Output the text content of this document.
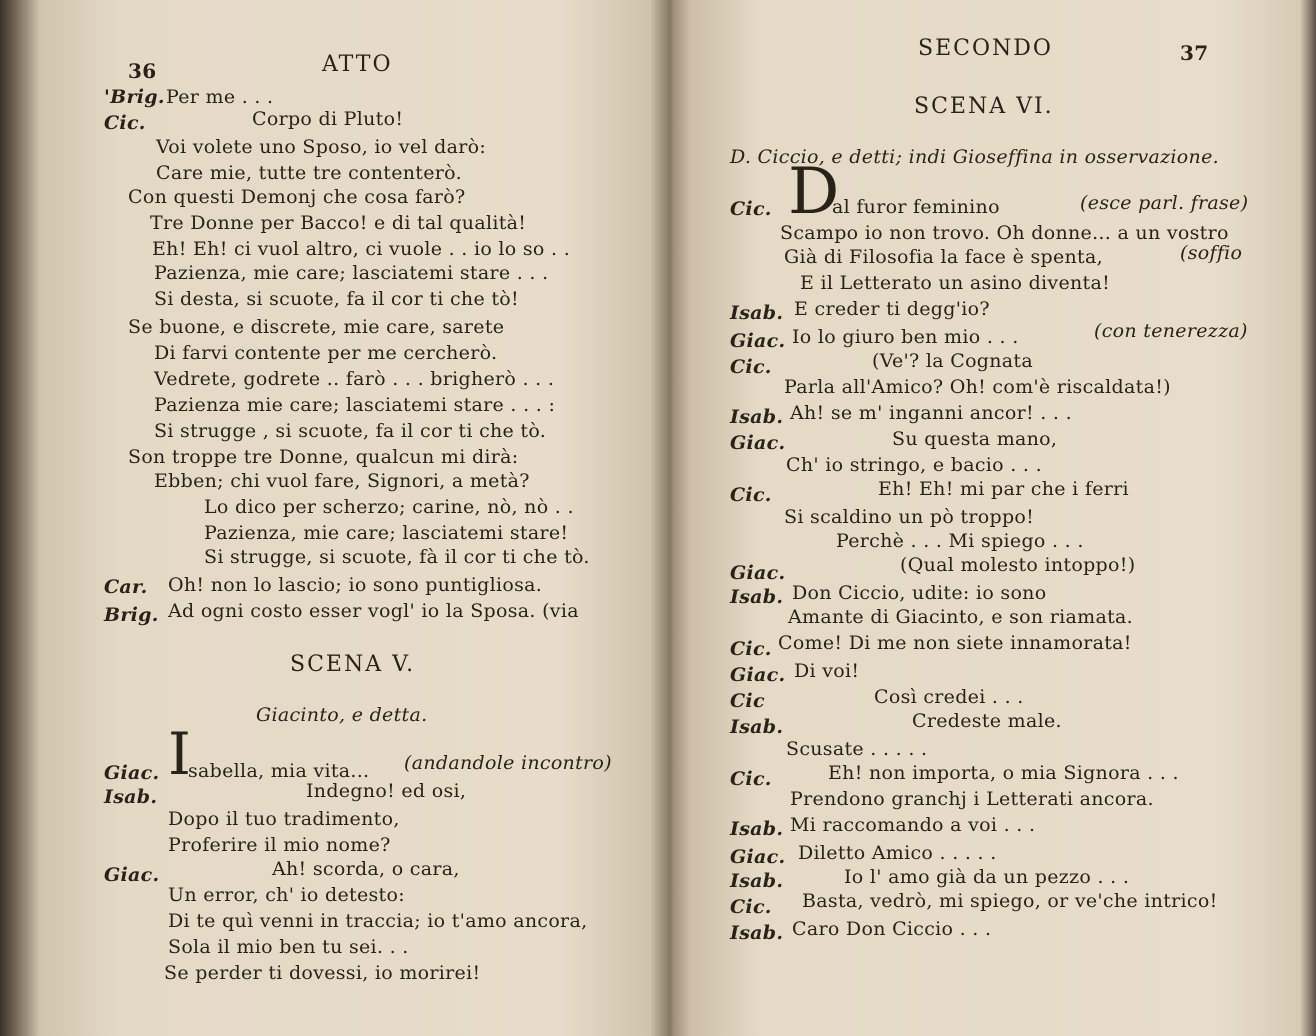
36	ATTO
'Brig. Per me . . .
Cic.	Corpo di Pluto!
Voi volete uno Sposo, io vel darò:
Care mie, tutte tre contenterò.
Con questi Demonj che cosa farò?
Tre Donne per Bacco! e di tal qualità!
Eh! Eh! ci vuol altro, ci vuole . . io lo so . .
Pazienza, mie care; lasciatemi stare . . .
Si desta, si scuote, fa il cor ti che tò!
Se buone, e discrete, mie care, sarete
Di farvi contente per me cercherò.
Vedrete, godrete .. farò . . . brigherò . . .
Pazienza mie care; lasciatemi stare . . . :
Si strugge , si scuote, fa il cor ti che tò.
Son troppe tre Donne, qualcun mi dirà:
Ebben; chi vuol fare, Signori, a metà?
Lo dico per scherzo; carine, nò, nò . .
Pazienza, mie care; lasciatemi stare!
Si strugge, si scuote, fà il cor ti che tò.
Car. Oh! non lo lascio; io sono puntigliosa.
Brig. Ad ogni costo esser vogl' io la Sposa. (via
SCENA V.
Giacinto, e detta.
Giac. I
sabella, mia vita... (andandole incontro)
Isab.	Indegno! ed osi,
Dopo il tuo tradimento,
Proferire il mio nome?
Giac.	Ah! scorda, o cara,
Un error, ch' io detesto:
Di te quì venni in traccia; io t'amo ancora,
Sola il mio ben tu sei. . .
Se perder ti dovessi, io morirei!
SECONDO	37
SCENA VI.
D. Ciccio, e detti; indi Gioseffina in osservazione.
Cic. D
al furor feminino	(esce parl. frase)
Scampo io non trovo. Oh donne... a un vostro
Già di Filosofia la face è spenta,	(soffio
E il Letterato un asino diventa!
Isab. E creder ti degg'io?
Giac. Io lo giuro ben mio . . .	(con tenerezza)
Cic.	(Ve'? la Cognata
Parla all'Amico? Oh! com'è riscaldata!)
Isab. Ah! se m' inganni ancor! . . .
Giac.	Su questa mano,
Ch' io stringo, e bacio . . .
Cic.	Eh! Eh! mi par che i ferri
Si scaldino un pò troppo!
Perchè . . . Mi spiego . . .
Giac.	(Qual molesto intoppo!)
Isab. Don Ciccio, udite: io sono
Amante di Giacinto, e son riamata.
Cic. Come! Di me non siete innamorata!
Giac. Di voi!
Cic	Così credei . . .
Isab.	Credeste male.
Scusate . . . . .
Cic.	Eh! non importa, o mia Signora . . .
Prendono granchj i Letterati ancora.
Isab. Mi raccomando a voi . . .
Giac. Diletto Amico . . . . .
Isab.	Io l' amo già da un pezzo . . .
Cic. Basta, vedrò, mi spiego, or ve'che intrico!
Isab. Caro Don Ciccio . . .
